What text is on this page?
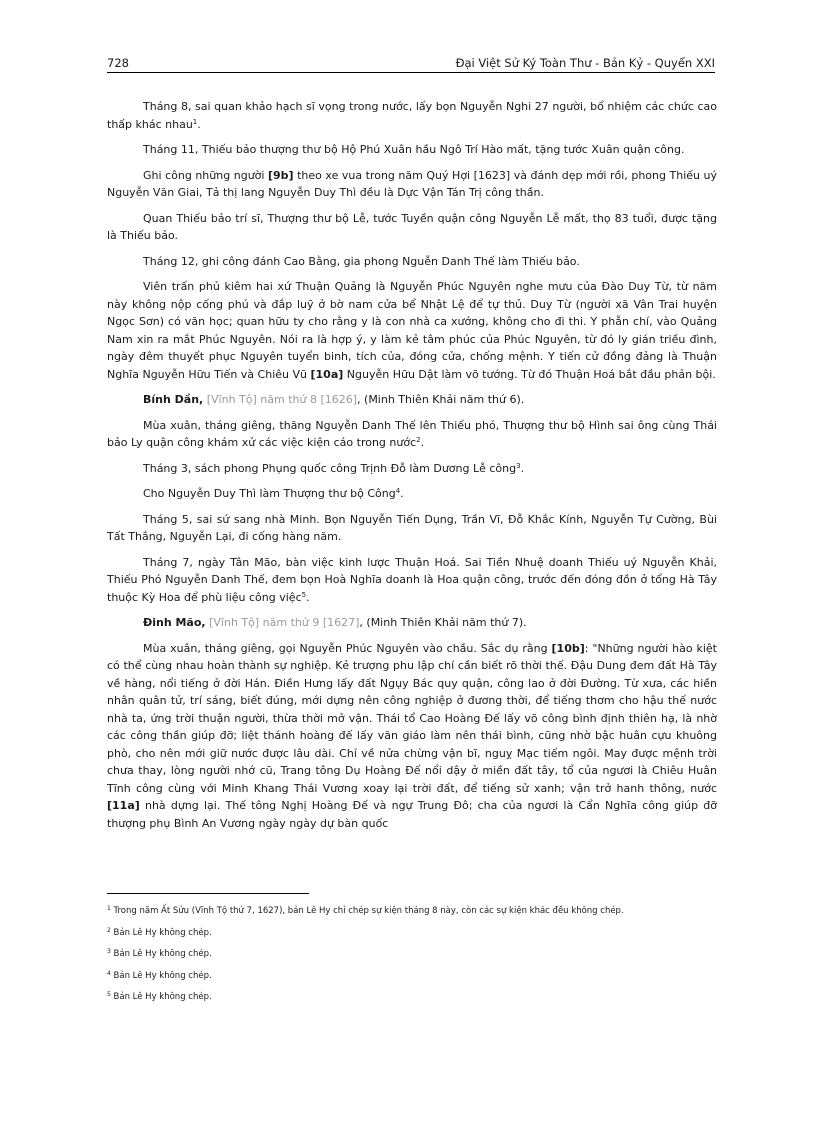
728	Đại Việt Sử Ký Toàn Thư - Bản Kỷ - Quyển XXI

Tháng 8, sai quan khảo hạch sĩ vọng trong nước, lấy bọn Nguyễn Nghi 27 người, bổ nhiệm các chức cao thấp khác nhau$^1$.

Tháng 11, Thiếu bảo thượng thư bộ Hộ Phú Xuân hầu Ngô Trí Hào mất, tặng tước Xuân quận công.

Ghi công những người [9b] theo xe vua trong năm Quý Hợi [1623] và đánh dẹp mới rồi, phong Thiếu uý Nguyễn Văn Giai, Tả thị lang Nguyễn Duy Thì đều là Dực Vận Tán Trị công thần.

Quan Thiếu bảo trí sĩ, Thượng thư bộ Lễ, tước Tuyền quận công Nguyễn Lễ mất, thọ 83 tuổi, được tặng là Thiếu bảo.

Tháng 12, ghi công đánh Cao Bằng, gia phong Nguễn Danh Thế làm Thiếu bảo.

Viên trấn phủ kiêm hai xứ Thuận Quảng là Nguyễn Phúc Nguyên nghe mưu của Đào Duy Từ, từ năm này không nộp cống phú và đắp luỹ ở bờ nam cửa bể Nhật Lệ để tự thủ. Duy Từ (người xã Vân Trai huyện Ngọc Sơn) có văn học; quan hữu ty cho rằng y là con nhà ca xướng, không cho đi thi. Y phẫn chí, vào Quảng Nam xin ra mắt Phúc Nguyên. Nói ra là hợp ý, y làm kẻ tâm phúc của Phúc Nguyên, từ đó ly gián triều đình, ngày đêm thuyết phục Nguyên tuyển binh, tích của, đóng cửa, chống mệnh. Y tiến cử đồng đảng là Thuận Nghĩa Nguyễn Hữu Tiến và Chiêu Vũ [10a] Nguyễn Hữu Dật làm võ tướng. Từ đó Thuận Hoá bắt đầu phản bội.

Bính Dần, [Vĩnh Tộ] năm thứ 8 [1626], (Minh Thiên Khải năm thứ 6).

Mùa xuân, tháng giêng, thăng Nguyễn Danh Thế lên Thiếu phó, Thượng thư bộ Hình sai ông cùng Thái bảo Ly quận công khám xử các việc kiện cáo trong nước$^2$.

Tháng 3, sách phong Phụng quốc công Trịnh Đỗ làm Dương Lễ công$^3$.

Cho Nguyễn Duy Thì làm Thượng thư bộ Công$^4$.

Tháng 5, sai sứ sang nhà Minh. Bọn Nguyễn Tiến Dụng, Trần Vĩ, Đỗ Khắc Kính, Nguyễn Tự Cường, Bùi Tất Thắng, Nguyễn Lại, đi cống hàng năm.

Tháng 7, ngày Tân Mão, bàn việc kinh lược Thuận Hoá. Sai Tiền Nhuệ doanh Thiếu uý Nguyễn Khải, Thiếu Phó Nguyễn Danh Thế, đem bọn Hoà Nghĩa doanh là Hoa quận công, trước đến đóng đồn ở tổng Hà Tây thuộc Kỳ Hoa để phù liệu công việc$^5$.

Đinh Mão, [Vĩnh Tộ] năm thứ 9 [1627], (Minh Thiên Khải năm thứ 7).

Mùa xuân, tháng giêng, gọi Nguyễn Phúc Nguyên vào chầu. Sắc dụ rằng [10b]: "Những người hào kiệt có thể cùng nhau hoàn thành sự nghiệp. Kẻ trượng phu lập chí cần biết rõ thời thế. Đậu Dung đem đất Hà Tây về hàng, nổi tiếng ở đời Hán. Điền Hưng lấy đất Ngụy Bác quy quận, công lao ở đời Đường. Từ xưa, các hiền nhân quân tử, trí sáng, biết đúng, mới dựng nên công nghiệp ở đương thời, để tiếng thơm cho hậu thế nước nhà ta, ứng trời thuận người, thừa thời mở vận. Thái tổ Cao Hoàng Đế lấy võ công bình định thiên hạ, là nhờ các công thần giúp đỡ; liệt thánh hoàng đế lấy văn giáo làm nên thái bình, cũng nhờ bậc huân cựu khuông phò, cho nên mới giữ nước được lâu dài. Chỉ về nửa chừng vận bĩ, nguỵ Mạc tiếm ngôi. May được mệnh trời chưa thay, lòng người nhớ cũ, Trang tông Dụ Hoàng Đế nổi dậy ở miền đất tây, tổ của ngươi là Chiêu Huân Tĩnh công cùng với Minh Khang Thái Vương xoay lại trời đất, để tiếng sử xanh; vận trở hanh thông, nước [11a] nhà dựng lại. Thế tông Nghị Hoàng Đế và ngự Trung Đô; cha của ngươi là Cẩn Nghĩa công giúp đỡ thượng phụ Bình An Vương ngày ngày dự bàn quốc

$^1$ Trong năm Ất Sửu (Vĩnh Tộ thứ 7, 1627), bản Lê Hy chỉ chép sự kiện tháng 8 này, còn các sự kiện khác đều không chép.
$^2$ Bản Lê Hy không chép.
$^3$ Bản Lê Hy không chép.
$^4$ Bản Lê Hy không chép.
$^5$ Bản Lê Hy không chép.
